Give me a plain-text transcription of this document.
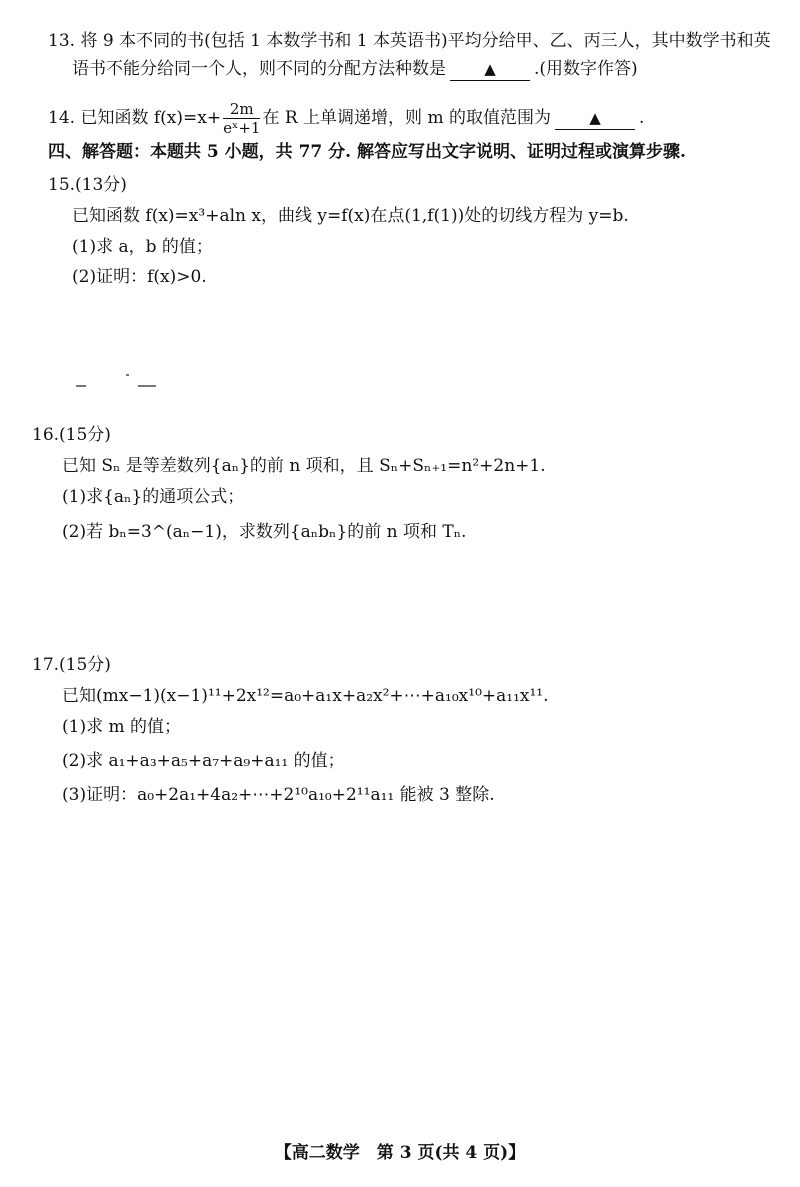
13. 将 9 本不同的书(包括 1 本数学书和 1 本英语书)平均分给甲、乙、丙三人，其中数学书和英
语书不能分给同一个人，则不同的分配方法种数是	▲ .(用数字作答)
14. 已知函数 $f(x)=x+ \frac{2m}{\text{eˣ+1}}$ 在 R 上单调递增，则 m 的取值范围为	▲ .
四、解答题：本题共 5 小题，共 77 分. 解答应写出文字说明、证明过程或演算步骤.
15.(13分)
已知函数 f(x)=x³+aln x，曲线 y=f(x)在点(1,f(1))处的切线方程为 y=b.
(1)求 a，b 的值；
(2)证明：f(x)>0.
16.(15分)
已知 Sₙ 是等差数列{aₙ}的前 n 项和，且 Sₙ+Sₙ₊₁=n²+2n+1.
(1)求{aₙ}的通项公式；
(2)若 bₙ=3^(aₙ−1)，求数列{aₙbₙ}的前 n 项和 Tₙ.
17.(15分)
已知(mx−1)(x−1)¹¹+2x¹²=a₀+a₁x+a₂x²+⋯+a₁₀x¹⁰+a₁₁x¹¹.
(1)求 m 的值；
(2)求 a₁+a₃+a₅+a₇+a₉+a₁₁ 的值；
(3)证明：a₀+2a₁+4a₂+⋯+2¹⁰a₁₀+2¹¹a₁₁ 能被 3 整除.
【高二数学　第 3 页(共 4 页)】
